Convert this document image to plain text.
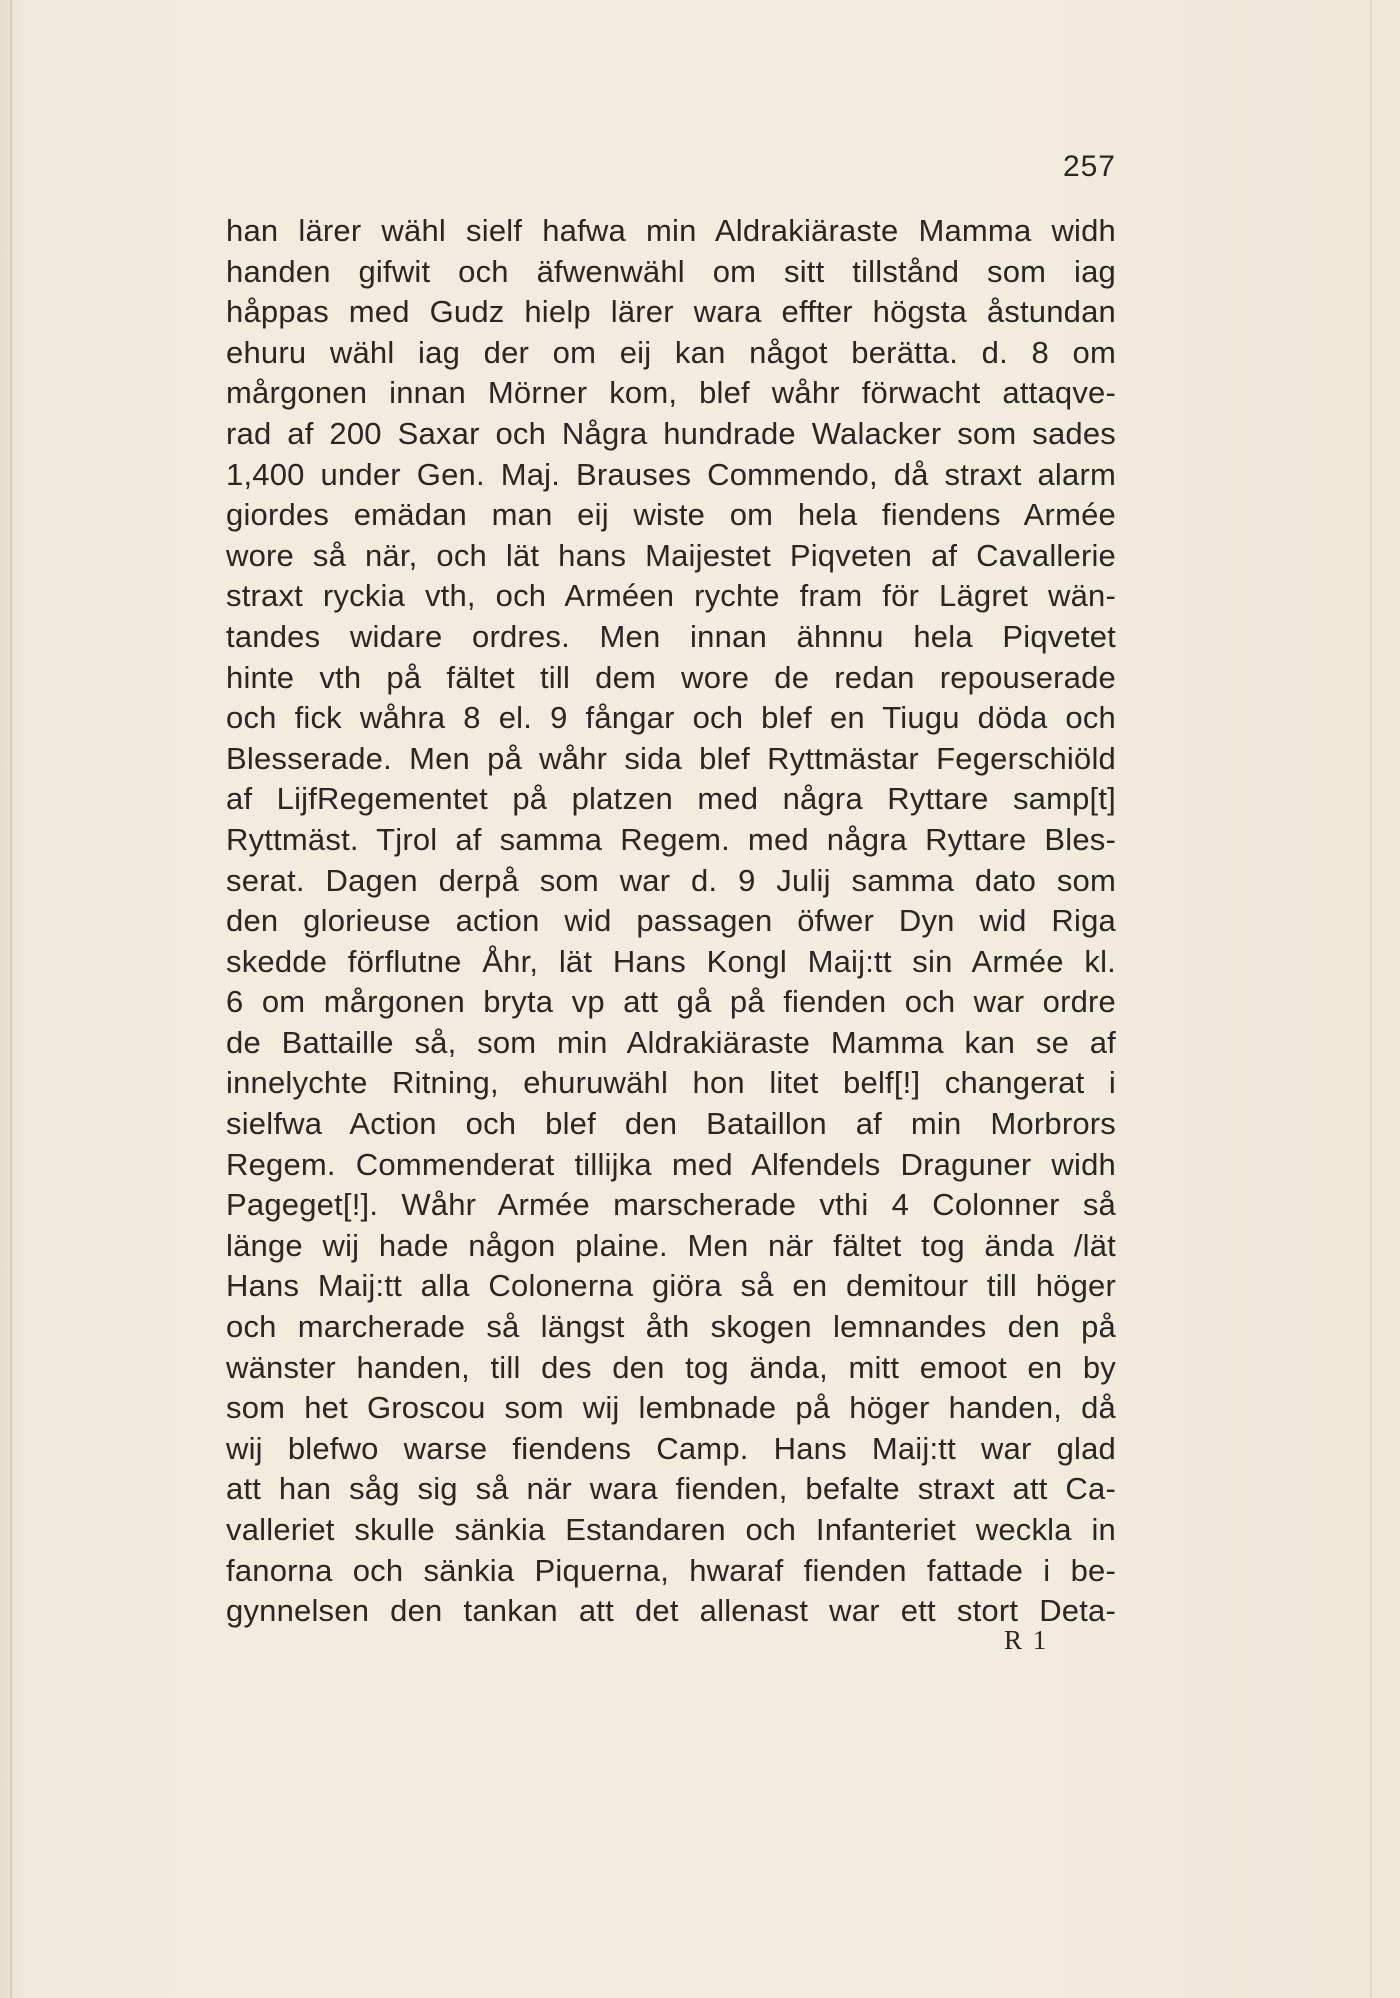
257
han lärer wähl sielf hafwa min Aldrakiäraste Mamma widh
handen gifwit och äfwenwähl om sitt tillstånd som iag
håppas med Gudz hielp lärer wara effter högsta åstundan
ehuru wähl iag der om eij kan något berätta. d. 8 om
mårgonen innan Mörner kom, blef wåhr förwacht attaqve-
rad af 200 Saxar och Några hundrade Walacker som sades
1,400 under Gen. Maj. Brauses Commendo, då straxt alarm
giordes emädan man eij wiste om hela fiendens Armée
wore så när, och lät hans Maijestet Piqveten af Cavallerie
straxt ryckia vth, och Arméen rychte fram för Lägret wän-
tandes widare ordres. Men innan ähnnu hela Piqvetet
hinte vth på fältet till dem wore de redan repouserade
och fick wåhra 8 el. 9 fångar och blef en Tiugu döda och
Blesserade. Men på wåhr sida blef Ryttmästar Fegerschiöld
af LijfRegementet på platzen med några Ryttare samp[t]
Ryttmäst. Tjrol af samma Regem. med några Ryttare Bles-
serat. Dagen derpå som war d. 9 Julij samma dato som
den glorieuse action wid passagen öfwer Dyn wid Riga
skedde förflutne Åhr, lät Hans Kongl Maij:tt sin Armée kl.
6 om mårgonen bryta vp att gå på fienden och war ordre
de Battaille så, som min Aldrakiäraste Mamma kan se af
innelychte Ritning, ehuruwähl hon litet belf[!] changerat i
sielfwa Action och blef den Bataillon af min Morbrors
Regem. Commenderat tillijka med Alfendels Draguner widh
Pageget[!]. Wåhr Armée marscherade vthi 4 Colonner så
länge wij hade någon plaine. Men när fältet tog ända /lät
Hans Maij:tt alla Colonerna giöra så en demitour till höger
och marcherade så längst åth skogen lemnandes den på
wänster handen, till des den tog ända, mitt emoot en by
som het Groscou som wij lembnade på höger handen, då
wij blefwo warse fiendens Camp. Hans Maij:tt war glad
att han såg sig så när wara fienden, befalte straxt att Ca-
valleriet skulle sänkia Estandaren och Infanteriet weckla in
fanorna och sänkia Piquerna, hwaraf fienden fattade i be-
gynnelsen den tankan att det allenast war ett stort Deta-
R 1
